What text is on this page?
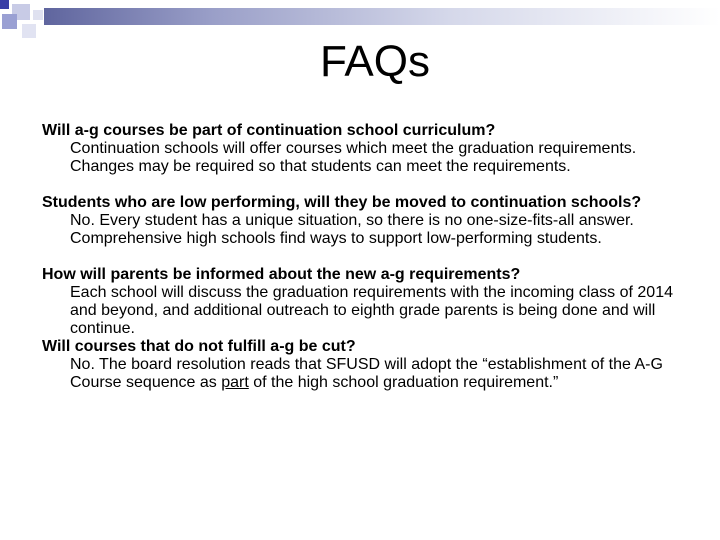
FAQs

Will a-g courses be part of continuation school curriculum?

Continuation schools will offer courses which meet the graduation requirements. Changes may be required so that students can meet the requirements.

Students who are low performing, will they be moved to continuation schools?

No. Every student has a unique situation, so there is no one-size-fits-all answer. Comprehensive high schools find ways to support low-performing students.

How will parents be informed about the new a-g requirements?

Each school will discuss the graduation requirements with the incoming class of 2014 and beyond, and additional outreach to eighth grade parents is being done and will continue.

Will courses that do not fulfill a-g be cut?

No. The board resolution reads that SFUSD will adopt the “establishment of the A-G Course sequence as part of the high school graduation requirement.”
